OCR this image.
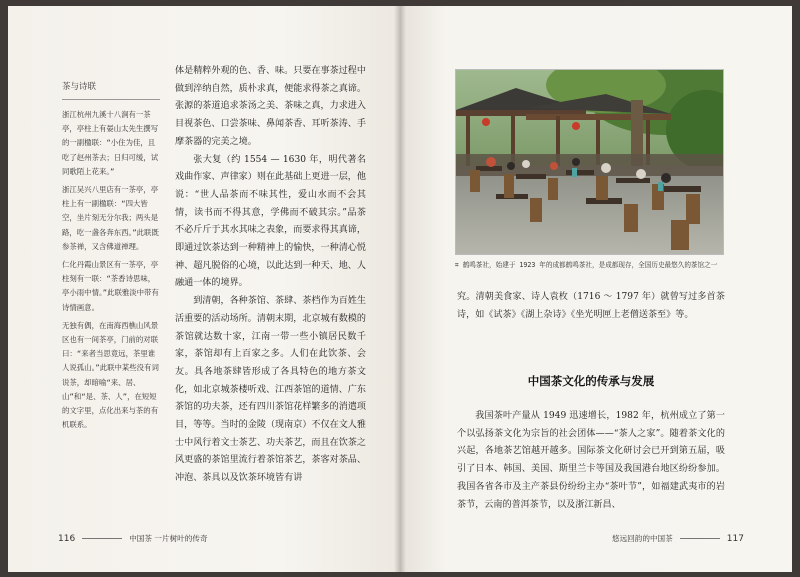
茶与诗联

浙江杭州九溪十八涧有一茶亭，亭柱上有晏山太先生撰写的一副楹联：“小住为佳，且吃了赵州茶去；日归可缓，试同歌陌上花来。”

浙江吴兴八里店有一茶亭，亭柱上有一副楹联：“四大皆空，坐片刻无分尔我；两头是路，吃一盏各奔东西。”此联既参茶禅，又含佛道禅理。

仁化丹霞山景区有一茶亭，亭柱刻有一联：“茶香诗思味，亭小雨中情。”此联雅淡中带有诗情画意。

无独有偶，在南海西樵山风景区也有一间茶亭，门前的对联曰：“来者当思竟远，茶里谁人说孤山。”此联中某些没有词说茶，却暗喻“来、居、山”和“是、茶、人”，在短短的文字里，点化出来与茶的有机联系。

体是精粹外观的色、香、味。只要在事茶过程中做到淬纳自然，质朴求真，便能求得茶之真谛。张源的茶道追求茶汤之美、茶味之真，力求进入目视茶色、口尝茶味、鼻闻茶香、耳听茶涛、手摩茶器的完美之境。

张大复（约 1554 — 1630 年，明代著名戏曲作家、声律家）则在此基础上更进一层，他说：“世人品茶而不味其性，爱山水而不会其情，读书而不得其意，学佛而不破其宗。”品茶不必斤斤于其水其味之表象，而要求得其真谛，即通过饮茶达到一种精神上的愉快，一种清心悦神、超凡脱俗的心境，以此达到一种天、地、人融通一体的境界。

到清朝，各种茶馆、茶肆、茶档作为百姓生活重要的活动场所。清朝末期，北京城有数模的茶馆就达数十家，江南一带一些小镇居民数千家，茶馆却有上百家之多。人们在此饮茶、会友。具各地茶肆皆形成了各具特色的地方茶文化，如北京城茶楼听戏、江西茶馆的道情、广东茶馆的功夫茶，还有四川茶馆花样繁多的消遣项目，等等。当时的金陵（现南京）不仅在文人雅士中风行着文士茶艺、功夫茶艺，而且在饮茶之风更盛的茶馆里流行着茶馆茶艺，茶客对茶品、冲泡、茶具以及饮茶环境皆有讲

116	中国茶 一片树叶的传奇
⌗ 鹤鸣茶社，始建于 1923 年的成都鹤鸣茶社，是成都现存，全国历史最悠久的茶馆之一

究。清朝美食家、诗人袁枚（1716 ～ 1797 年）就曾写过多首茶诗，如《试茶》《湖上杂诗》《坐光明匣上老僧送茶至》等。

中国茶文化的传承与发展

我国茶叶产量从 1949 迅速增长，1982 年，杭州成立了第一个以弘扬茶文化为宗旨的社会团体——“茶人之家”。随着茶文化的兴起，各地茶艺馆越开越多。国际茶文化研讨会已开到第五届，吸引了日本、韩国、美国、斯里兰卡等国及我国港台地区纷纷参加。我国各省各市及主产茶县份纷纷主办“茶叶节”，如福建武夷市的岩茶节，云南的普洱茶节，以及浙江新昌、

悠远回韵的中国茶	117
